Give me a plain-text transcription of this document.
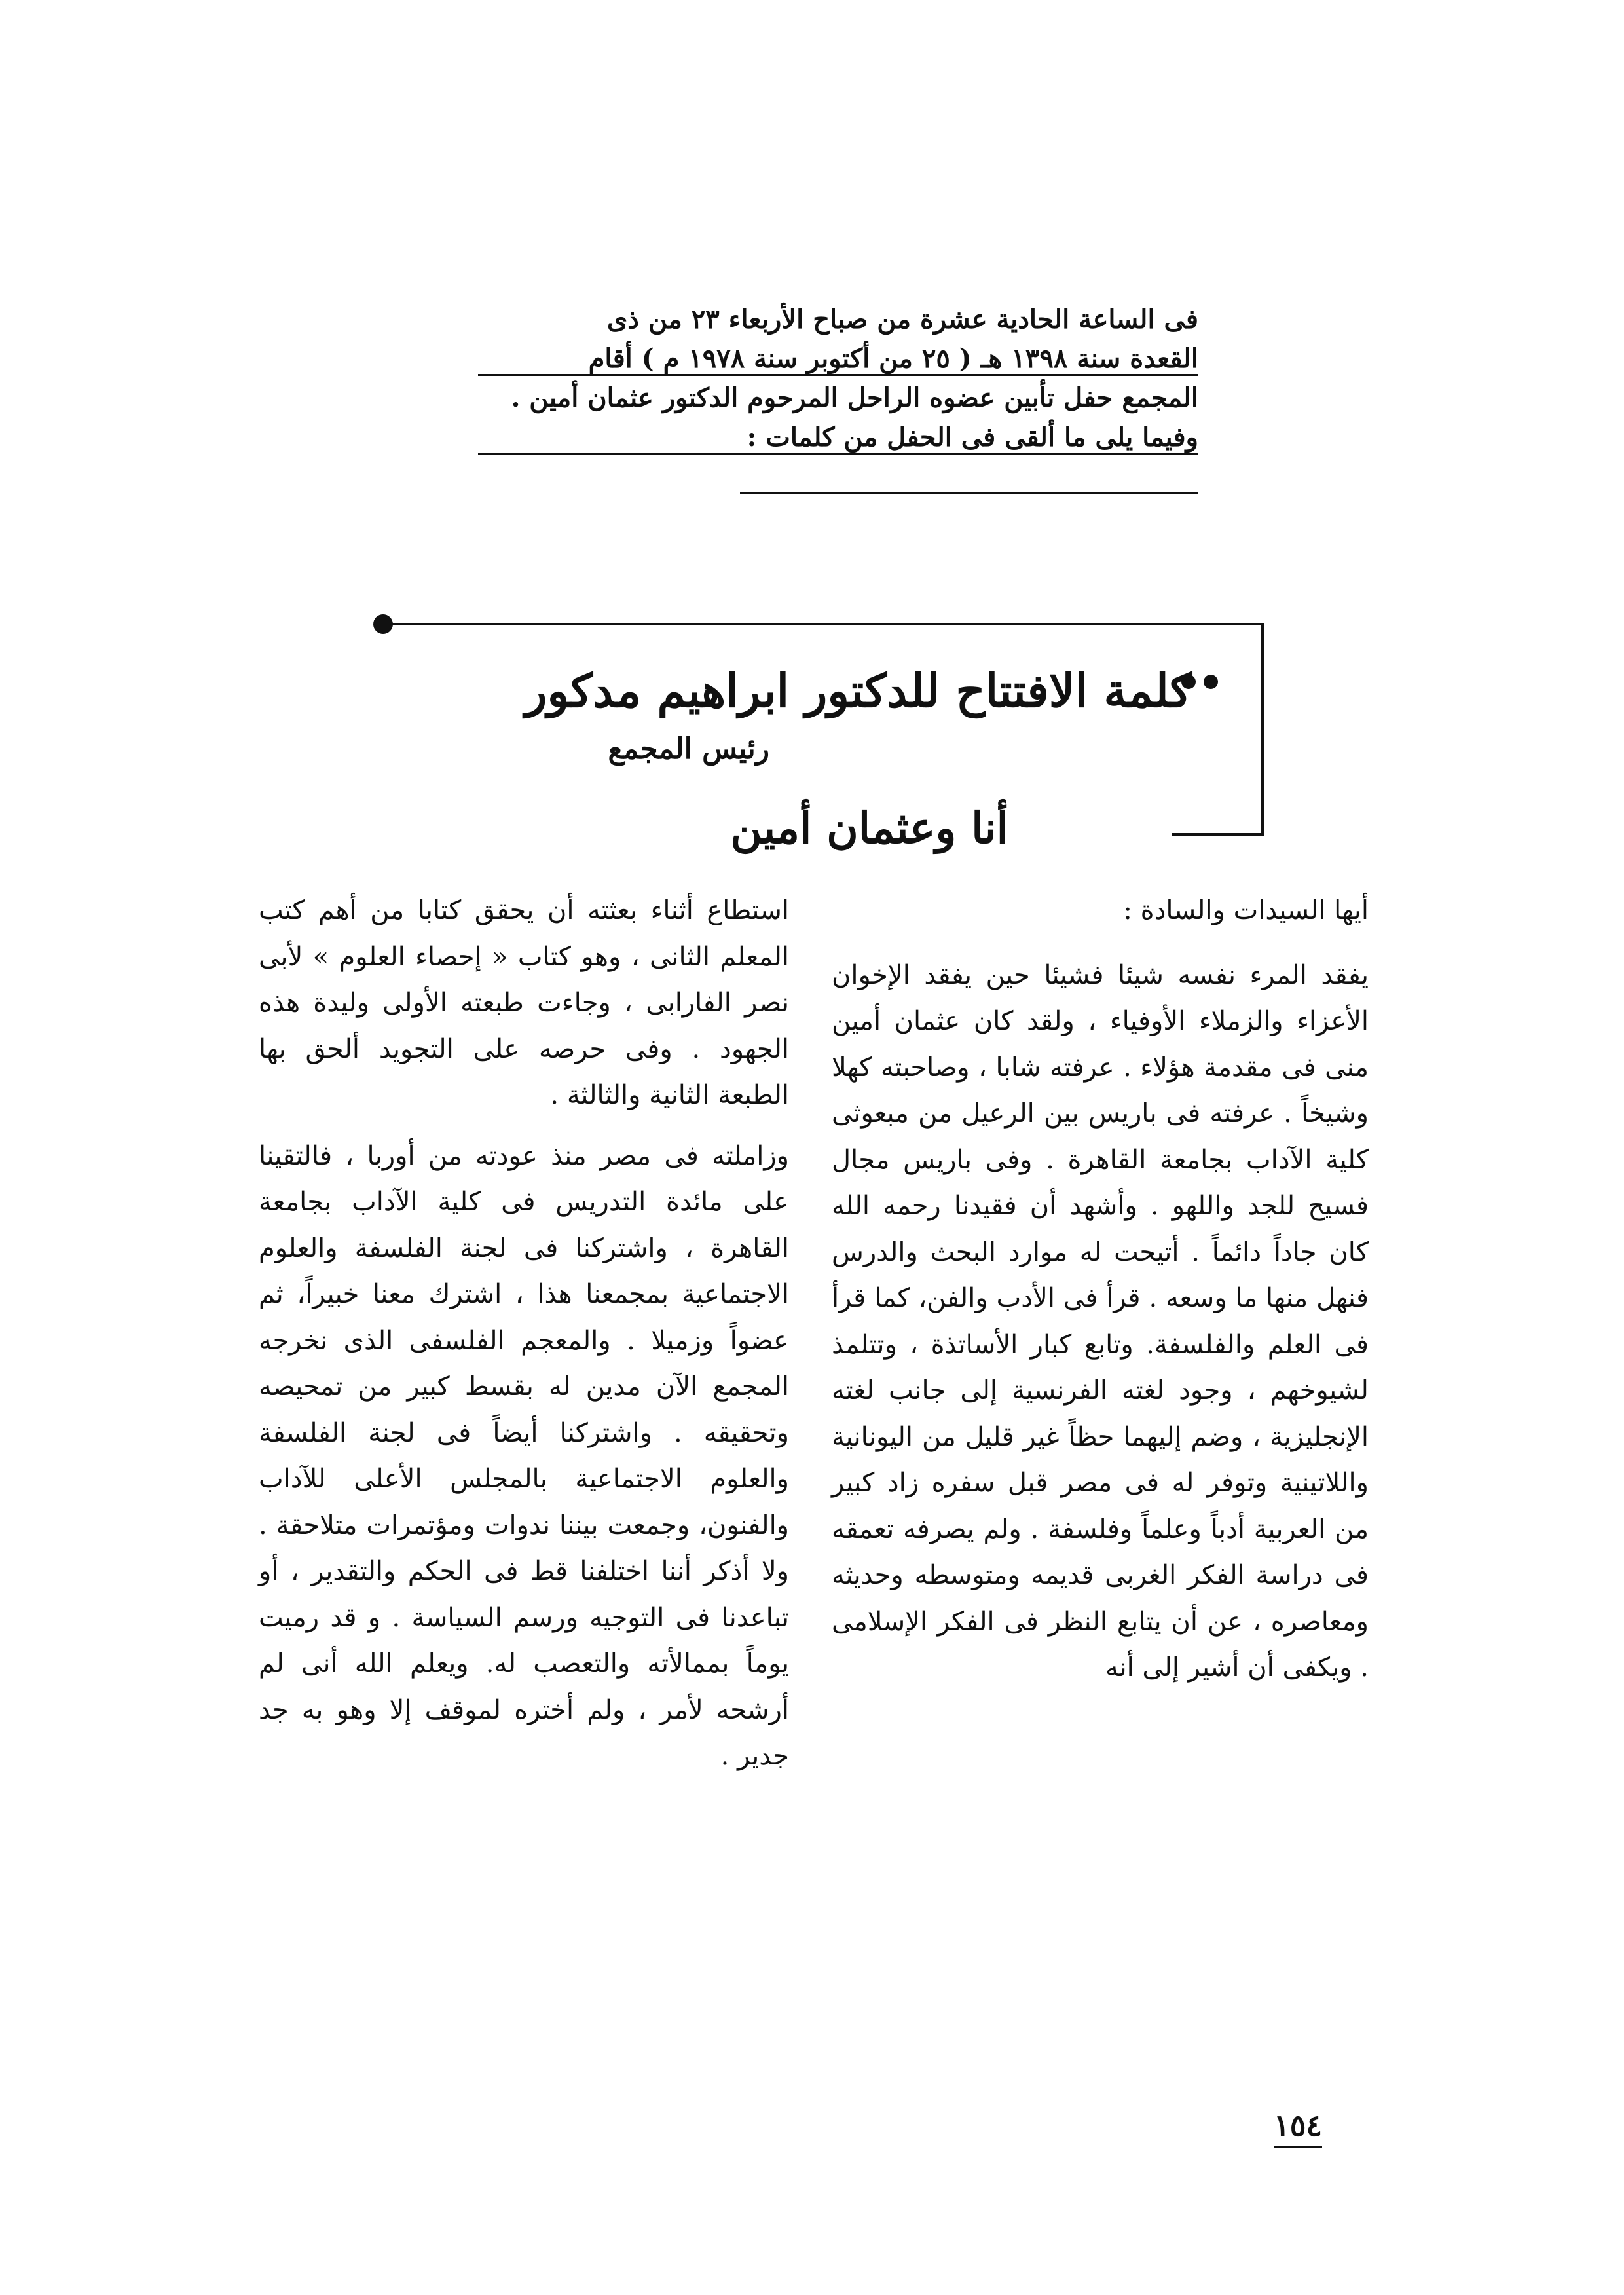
فى الساعة الحادية عشرة من صباح الأربعاء ٢٣ من ذى
القعدة سنة ١٣٩٨ هـ ( ٢٥ من أكتوبر سنة ١٩٧٨ م ) أقام
المجمع حفل تأبين عضوه الراحل المرحوم الدكتور عثمان أمين .
وفيما يلى ما ألقى فى الحفل من كلمات :
كلمة الافتتاح للدكتور ابراهيم مدكور
رئيس المجمع
أنا وعثمان أمين

أيها السيدات والسادة :

يفقد المرء نفسه شيئا فشيئا حين يفقد الإخوان الأعزاء والزملاء الأوفياء ، ولقد كان عثمان أمين منى فى مقدمة هؤلاء . عرفته شابا ، وصاحبته كهلا وشيخاً . عرفته فى باريس بين الرعيل من مبعوثى كلية الآداب بجامعة القاهرة . وفى باريس مجال فسيح للجد واللهو . وأشهد أن فقيدنا رحمه الله كان جاداً دائماً . أتيحت له موارد البحث والدرس فنهل منها ما وسعه . قرأ فى الأدب والفن، كما قرأ فى العلم والفلسفة. وتابع كبار الأساتذة ، وتتلمذ لشيوخهم ، وجود لغته الفرنسية إلى جانب لغته الإنجليزية ، وضم إليهما حظاً غير قليل من اليونانية واللاتينية وتوفر له فى مصر قبل سفره زاد كبير من العربية أدباً وعلماً وفلسفة . ولم يصرفه تعمقه فى دراسة الفكر الغربى قديمه ومتوسطه وحديثه ومعاصره ، عن أن يتابع النظر فى الفكر الإسلامى . ويكفى أن أشير إلى أنه

استطاع أثناء بعثته أن يحقق كتابا من أهم كتب المعلم الثانى ، وهو كتاب « إحصاء العلوم » لأبى نصر الفارابى ، وجاءت طبعته الأولى وليدة هذه الجهود . وفى حرصه على التجويد ألحق بها الطبعة الثانية والثالثة .

وزاملته فى مصر منذ عودته من أوربا ، فالتقينا على مائدة التدريس فى كلية الآداب بجامعة القاهرة ، واشتركنا فى لجنة الفلسفة والعلوم الاجتماعية بمجمعنا هذا ، اشترك معنا خبيراً، ثم عضواً وزميلا . والمعجم الفلسفى الذى نخرجه المجمع الآن مدين له بقسط كبير من تمحيصه وتحقيقه . واشتركنا أيضاً فى لجنة الفلسفة والعلوم الاجتماعية بالمجلس الأعلى للآداب والفنون، وجمعت بيننا ندوات ومؤتمرات متلاحقة . ولا أذكر أننا اختلفنا قط فى الحكم والتقدير ، أو تباعدنا فى التوجيه ورسم السياسة . و قد رميت يوماً بممالأته والتعصب له. ويعلم الله أنى لم أرشحه لأمر ، ولم أختره لموقف إلا وهو به جد جدير .

١٥٤
